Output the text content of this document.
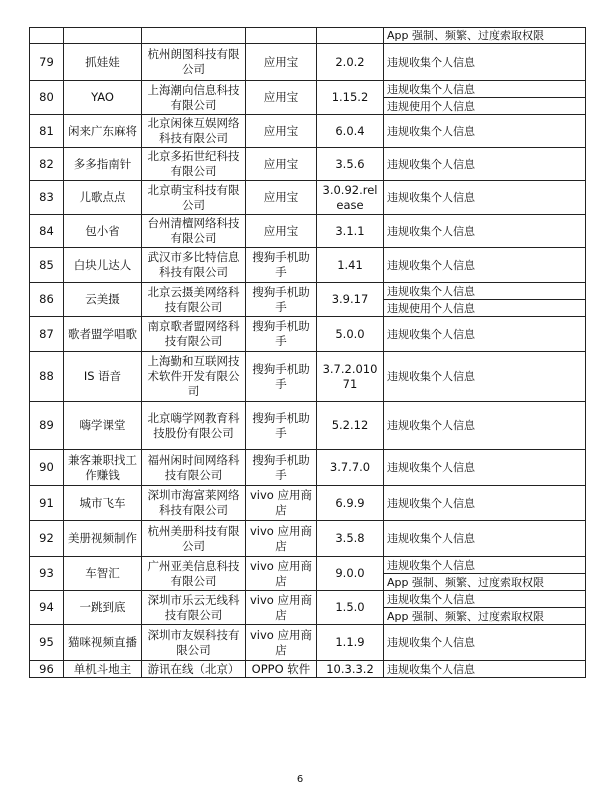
					App 强制、频繁、过度索取权限
79	抓娃娃	杭州朗图科技有限公司	应用宝	2.0.2	违规收集个人信息
80	YAO	上海潮向信息科技有限公司	应用宝	1.15.2	违规收集个人信息
					违规使用个人信息
81	闲来广东麻将	北京闲徕互娱网络科技有限公司	应用宝	6.0.4	违规收集个人信息
82	多多指南针	北京多拓世纪科技有限公司	应用宝	3.5.6	违规收集个人信息
83	儿歌点点	北京萌宝科技有限公司	应用宝	3.0.92.release	违规收集个人信息
84	包小省	台州清檀网络科技有限公司	应用宝	3.1.1	违规收集个人信息
85	白块儿达人	武汉市多比特信息科技有限公司	搜狗手机助手	1.41	违规收集个人信息
86	云美摄	北京云摄美网络科技有限公司	搜狗手机助手	3.9.17	违规收集个人信息
					违规使用个人信息
87	歌者盟学唱歌	南京歌者盟网络科技有限公司	搜狗手机助手	5.0.0	违规收集个人信息
88	IS 语音	上海勤和互联网技术软件开发有限公司	搜狗手机助手	3.7.2.01071	违规收集个人信息
89	嗨学课堂	北京嗨学网教育科技股份有限公司	搜狗手机助手	5.2.12	违规收集个人信息
90	兼客兼职找工作赚钱	福州闲时间网络科技有限公司	搜狗手机助手	3.7.7.0	违规收集个人信息
91	城市飞车	深圳市海富莱网络科技有限公司	vivo 应用商店	6.9.9	违规收集个人信息
92	美册视频制作	杭州美册科技有限公司	vivo 应用商店	3.5.8	违规收集个人信息
93	车智汇	广州亚美信息科技有限公司	vivo 应用商店	9.0.0	违规收集个人信息
					App 强制、频繁、过度索取权限
94	一跳到底	深圳市乐云无线科技有限公司	vivo 应用商店	1.5.0	违规收集个人信息
					App 强制、频繁、过度索取权限
95	猫咪视频直播	深圳市友娱科技有限公司	vivo 应用商店	1.1.9	违规收集个人信息
96	单机斗地主	游讯在线（北京）	OPPO 软件	10.3.3.2	违规收集个人信息
6
